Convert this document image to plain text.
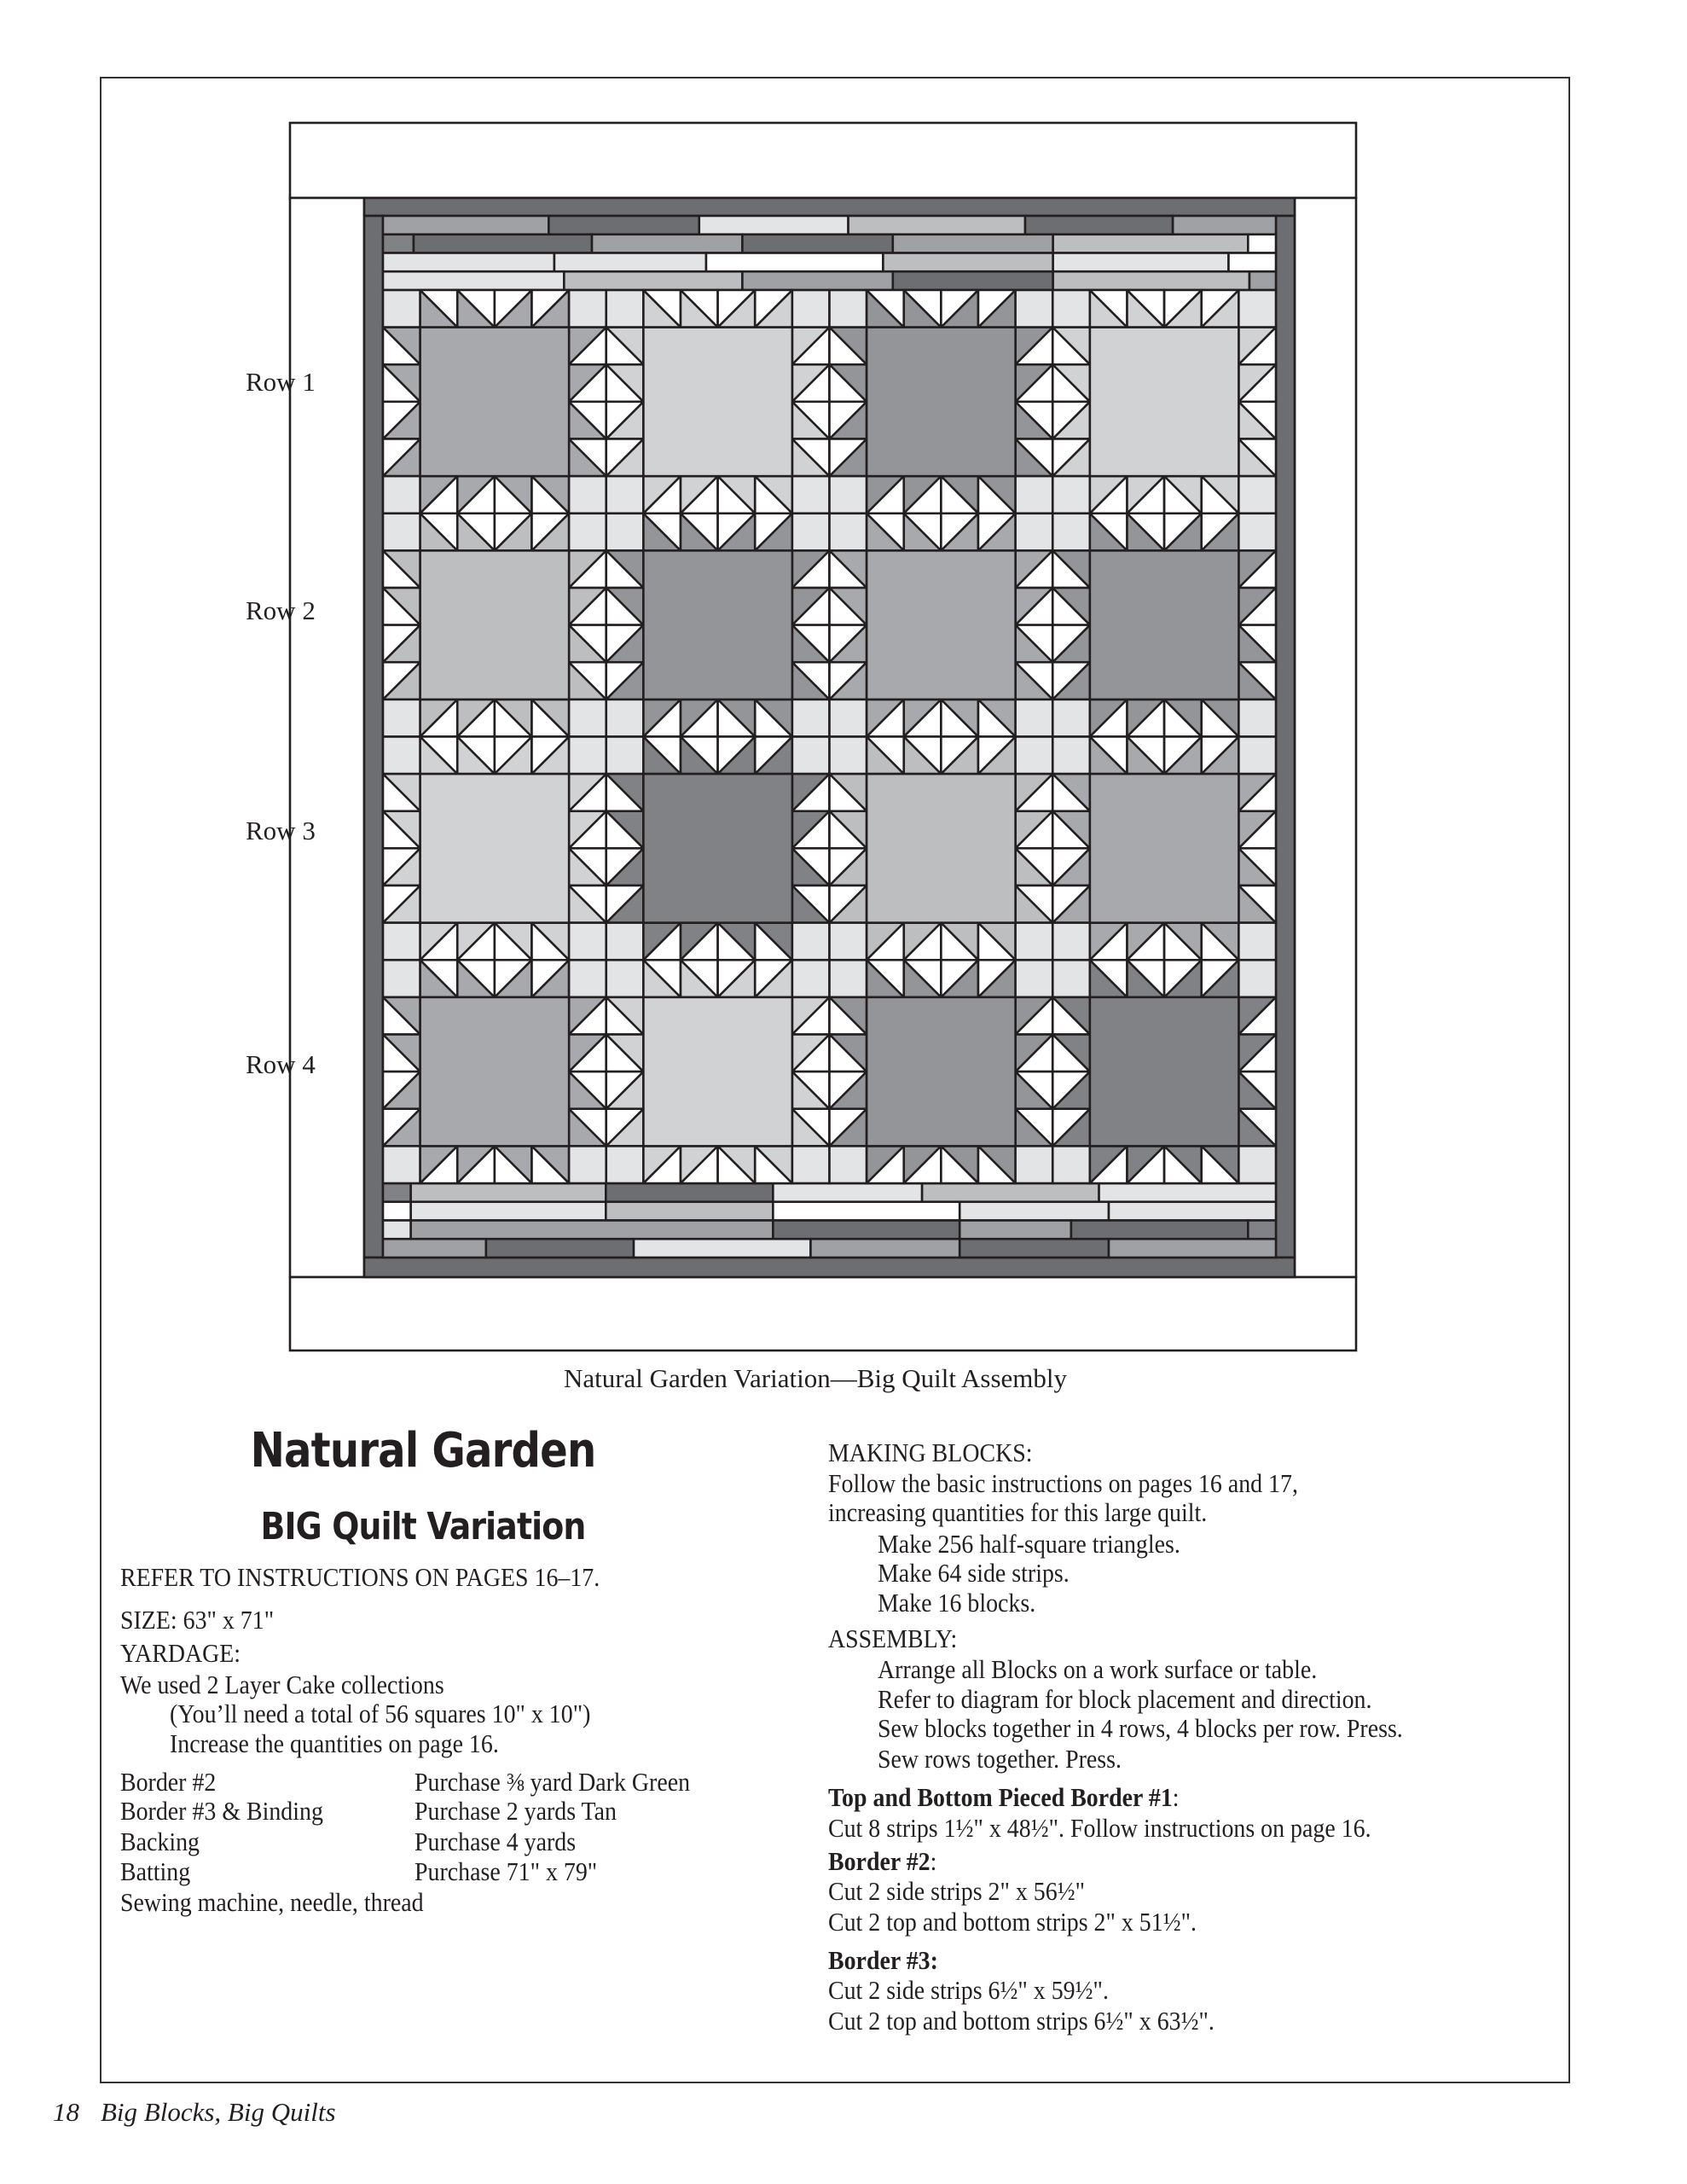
Row 1
Row 2
Row 3
Row 4
Natural Garden Variation—Big Quilt Assembly
Natural Garden
BIG Quilt Variation
REFER TO INSTRUCTIONS ON PAGES 16–17.
SIZE: 63" x 71"
YARDAGE:
We used 2 Layer Cake collections
(You’ll need a total of 56 squares 10" x 10")
Increase the quantities on page 16.
Border #2	Purchase ⅜ yard Dark Green
Border #3 & Binding	Purchase 2 yards Tan
Backing	Purchase 4 yards
Batting	Purchase 71" x 79"
Sewing machine, needle, thread
MAKING BLOCKS:
Follow the basic instructions on pages 16 and 17,
increasing quantities for this large quilt.
Make 256 half-square triangles.
Make 64 side strips.
Make 16 blocks.
ASSEMBLY:
Arrange all Blocks on a work surface or table.
Refer to diagram for block placement and direction.
Sew blocks together in 4 rows, 4 blocks per row. Press.
Sew rows together. Press.
Top and Bottom Pieced Border #1:
Cut 8 strips 1½" x 48½". Follow instructions on page 16.
Border #2:
Cut 2 side strips 2" x 56½"
Cut 2 top and bottom strips 2" x 51½".
Border #3:
Cut 2 side strips 6½" x 59½".
Cut 2 top and bottom strips 6½" x 63½".
18 Big Blocks, Big Quilts
